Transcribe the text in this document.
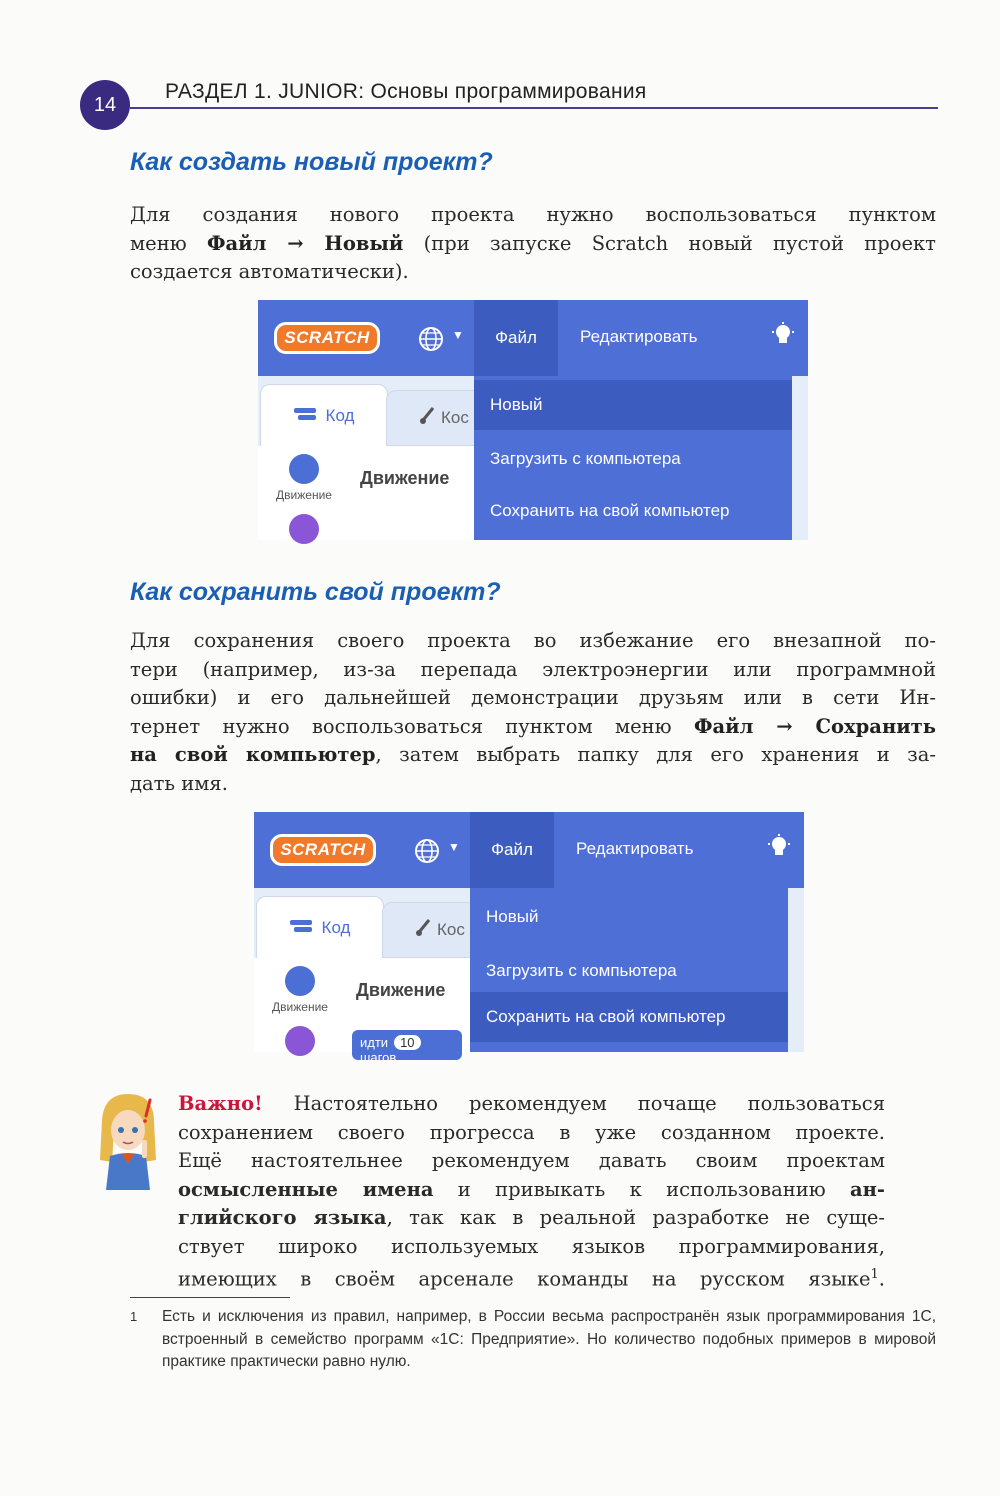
14
РАЗДЕЛ 1. JUNIOR: Основы программирования
Как создать новый проект?

Для создания нового проекта нужно воспользоваться пунктом
меню Файл → Новый (при запуске Scratch новый пустой проект
создается автоматически).

SCRATCH	▼	Файл	Редактировать
Код	Кос
Движение
Движение
Новый
Загрузить с компьютера
Сохранить на свой компьютер
Как сохранить свой проект?

Для сохранения своего проекта во избежание его внезапной по-
тери (например, из-за перепада электроэнергии или программной
ошибки) и его дальнейшей демонстрации друзьям или в сети Ин-
тернет нужно воспользоваться пунктом меню Файл → Сохранить
на свой компьютер, затем выбрать папку для его хранения и за-
дать имя.

SCRATCH	▼	Файл	Редактировать
Код	Кос
Движение
Движение
идти 10 шагов
Новый
Загрузить с компьютера
Сохранить на свой компьютер

Важно! Настоятельно рекомендуем почаще пользоваться
сохранением своего прогресса в уже созданном проекте.
Ещё настоятельнее рекомендуем давать своим проектам
осмысленные имена и привыкать к использованию ан-
глийского языка, так как в реальной разработке не суще-
ствует широко используемых языков программирования,
имеющих в своём арсенале команды на русском языке$^1$.

1 Есть и исключения из правил, например, в России весьма распространён язык программирования 1С, встроенный в семейство программ «1С: Предприятие». Но количество подобных примеров в мировой практике практически равно нулю.
